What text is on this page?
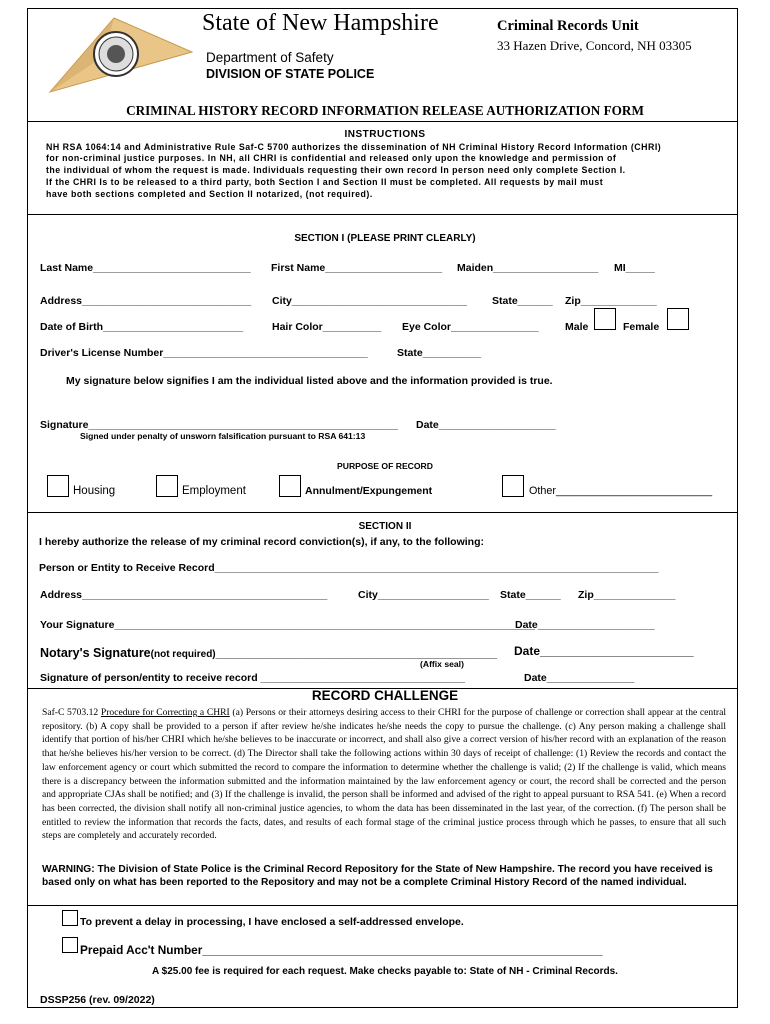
State of New Hampshire
Department of Safety
DIVISION OF STATE POLICE
Criminal Records Unit
33 Hazen Drive, Concord, NH 03305
CRIMINAL HISTORY RECORD INFORMATION RELEASE AUTHORIZATION FORM
INSTRUCTIONS
NH RSA 1064:14 and Administrative Rule Saf-C 5700 authorizes the dissemination of NH Criminal History Record Information (CHRI)
for non-criminal justice purposes. In NH, all CHRI is confidential and released only upon the knowledge and permission of
the individual of whom the request is made. Individuals requesting their own record In person need only complete Section I.
If the CHRI Is to be released to a third party, both Section I and Section II must be completed. All requests by mail must
have both sections completed and Section II notarized, (not required).
SECTION I (PLEASE PRINT CLEARLY)
Last Name___________________________ First Name____________________ Maiden__________________ MI_____
Address_____________________________ City______________________________ State______ Zip_____________
Date of Birth________________________	Hair Color__________ Eye Color_______________	Male	Female
Driver's License Number___________________________________	State__________
My signature below signifies I am the individual listed above and the information provided is true.
Signature_____________________________________________________ Date____________________
Signed under penalty of unsworn falsification pursuant to RSA 641:13
PURPOSE OF RECORD
Housing	Employment	Annulment/Expungement	Other__________________________
SECTION II
I hereby authorize the release of my criminal record conviction(s), if any, to the following:
Person or Entity to Receive Record____________________________________________________________________________
Address__________________________________________	City___________________ State______ Zip______________
Your Signature________________________________________________________________________
Date____________________
Notary's Signature(not required)______________________________________________ Date_______________________
(Affix seal)
Signature of person/entity to receive record ___________________________________	Date_______________
RECORD CHALLENGE
Saf-C 5703.12 Procedure for Correcting a CHRI (a) Persons or their attorneys desiring access to their CHRI for the purpose of challenge or correction shall appear at the central repository. (b) A copy shall be provided to a person if after review he/she indicates he/she needs the copy to pursue the challenge. (c) Any person making a challenge shall identify that portion of his/her CHRI which he/she believes to be inaccurate or incorrect, and shall also give a correct version of his/her record with an explanation of the reason that he/she believes his/her version to be correct. (d) The Director shall take the following actions within 30 days of receipt of challenge: (1) Review the records and contact the law enforcement agency or court which submitted the record to compare the information to determine whether the challenge is valid; (2) If the challenge is valid, which means there is a discrepancy between the information submitted and the information maintained by the law enforcement agency or court, the record shall be corrected and the person and appropriate CJAs shall be notified; and (3) If the challenge is invalid, the person shall be informed and advised of the right to appeal pursuant to RSA 541. (e) When a record has been corrected, the division shall notify all non-criminal justice agencies, to whom the data has been disseminated in the last year, of the correction. (f) The person shall be entitled to review the information that records the facts, dates, and results of each formal stage of the criminal justice process through which he passes, to ensure that all such steps are completely and accurately recorded.
WARNING: The Division of State Police is the Criminal Record Repository for the State of New Hampshire. The record you have received is based only on what has been reported to the Repository and may not be a complete Criminal History Record of the named individual.
To prevent a delay in processing, I have enclosed a self-addressed envelope.
Prepaid Acc't Number_____________________________________________________________
A $25.00 fee is required for each request. Make checks payable to: State of NH - Criminal Records.
DSSP256 (rev. 09/2022)
